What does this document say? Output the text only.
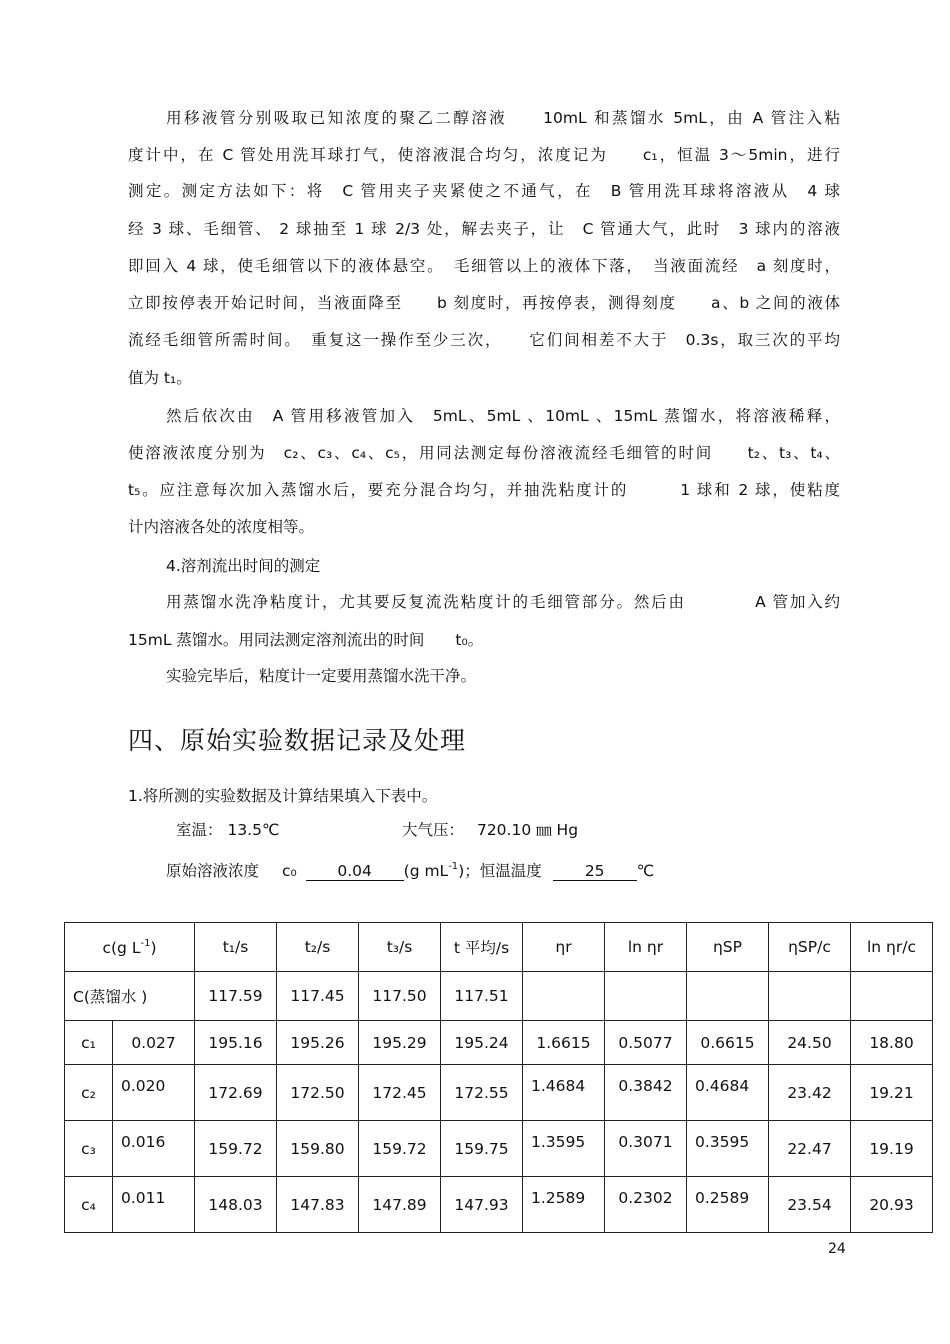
用移液管分别吸取已知浓度的聚乙二醇溶液　　10mL 和蒸馏水 5mL，由 A 管注入粘
度计中，在 C 管处用洗耳球打气，使溶液混合均匀，浓度记为　　c₁，恒温 3～5min，进行
测定。测定方法如下：将　C 管用夹子夹紧使之不通气，在　B 管用洗耳球将溶液从　4 球
经 3 球、毛细管、 2 球抽至 1 球 2/3 处，解去夹子，让　C 管通大气，此时　3 球内的溶液
即回入 4 球，使毛细管以下的液体悬空。　毛细管以上的液体下落，　当液面流经　a 刻度时，
立即按停表开始记时间，当液面降至　　b 刻度时，再按停表，测得刻度　　a、b 之间的液体
流经毛细管所需时间。　重复这一操作至少三次，　　它们间相差不大于　0.3s，取三次的平均
值为 t₁。
然后依次由　A 管用移液管加入　5mL、5mL 、10mL 、15mL 蒸馏水，将溶液稀释，
使溶液浓度分别为　c₂、c₃、c₄、c₅，用同法测定每份溶液流经毛细管的时间　　t₂、t₃、t₄、
t₅。应注意每次加入蒸馏水后，要充分混合均匀，并抽洗粘度计的　　　1 球和 2 球，使粘度
计内溶液各处的浓度相等。
4.溶剂流出时间的测定
用蒸馏水洗净粘度计，尤其要反复流洗粘度计的毛细管部分。然后由　　　　A 管加入约
15mL 蒸馏水。用同法测定溶剂流出的时间　　t₀。
实验完毕后，粘度计一定要用蒸馏水洗干净。
四、原始实验数据记录及处理
1.将所测的实验数据及计算结果填入下表中。
室温： 13.5℃	大气压： 720.10 ㎜ Hg
原始溶液浓度 c₀	0.04 (g $mL^{-1}$)；恒温温度	25 ℃
c(g $L^{-1}$)		t₁/s	t₂/s	t₃/s	t 平均/s	ηr	ln ηr	ηSP	ηSP/c	ln ηr/c
C(蒸馏水 )		117.59	117.45	117.50	117.51					
c₁	0.027	195.16	195.26	195.29	195.24	1.6615	0.5077	0.6615	24.50	18.80
c₂	0.020	172.69	172.50	172.45	172.55	1.4684	0.3842	0.4684	23.42	19.21
c₃	0.016	159.72	159.80	159.72	159.75	1.3595	0.3071	0.3595	22.47	19.19
c₄	0.011	148.03	147.83	147.89	147.93	1.2589	0.2302	0.2589	23.54	20.93
24
